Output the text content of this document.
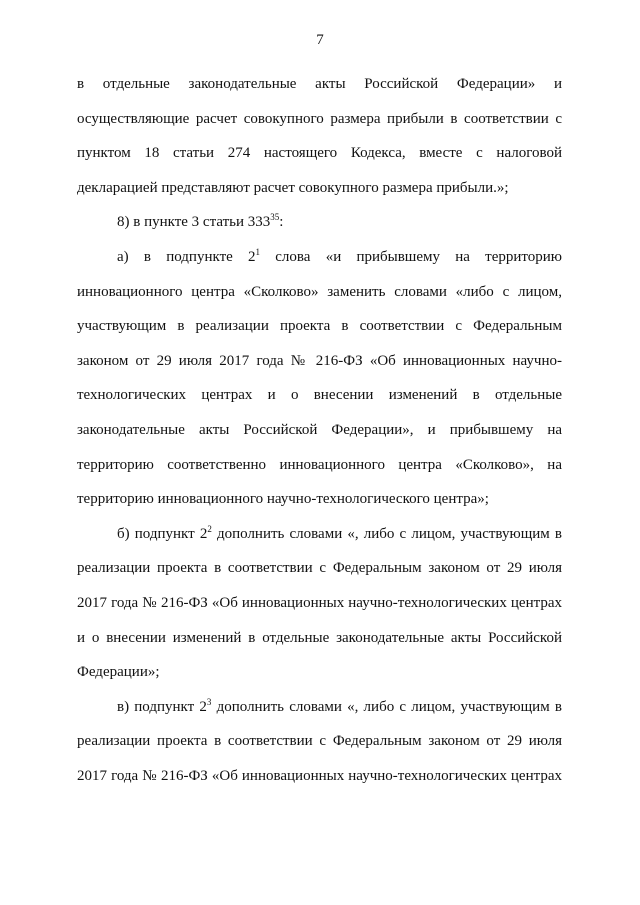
7
в отдельные законодательные акты Российской Федерации» и
осуществляющие расчет совокупного размера прибыли в соответствии с
пунктом 18 статьи 274 настоящего Кодекса, вместе с налоговой
декларацией представляют расчет совокупного размера прибыли.»;
8) в пункте 3 статьи $333^{35}$:
а) в подпункте $2^1$ слова «и прибывшему на территорию
инновационного центра «Сколково» заменить словами «либо с лицом,
участвующим в реализации проекта в соответствии с Федеральным
законом от 29 июля 2017 года № 216-ФЗ «Об инновационных научно-
технологических центрах и о внесении изменений в отдельные
законодательные акты Российской Федерации», и прибывшему на
территорию соответственно инновационного центра «Сколково», на
территорию инновационного научно-технологического центра»;
б) подпункт $2^2$ дополнить словами «, либо с лицом, участвующим в
реализации проекта в соответствии с Федеральным законом от 29 июля
2017 года № 216-ФЗ «Об инновационных научно-технологических центрах
и о внесении изменений в отдельные законодательные акты Российской
Федерации»;
в) подпункт $2^3$ дополнить словами «, либо с лицом, участвующим в
реализации проекта в соответствии с Федеральным законом от 29 июля
2017 года № 216-ФЗ «Об инновационных научно-технологических центрах
